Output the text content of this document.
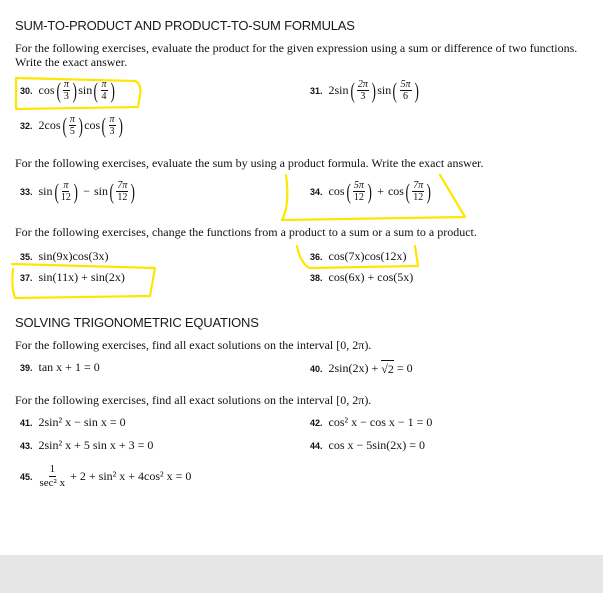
SUM-TO-PRODUCT AND PRODUCT-TO-SUM FORMULAS
For the following exercises, evaluate the product for the given expression using a sum or difference of two functions. Write the exact answer.
30. cos ( π
3 ) sin ( π
4 )	31. 2sin ( 2π
3 ) sin ( 5π
6 )
32. 2cos ( π
5 ) cos ( π
3 )
For the following exercises, evaluate the sum by using a product formula. Write the exact answer.
33. sin ( π
12 ) − sin ( 7π
12 )	34. cos ( 5π
12 ) + cos ( 7π
12 )
For the following exercises, change the functions from a product to a sum or a sum to a product.
35. sin(9x)cos(3x)	36. cos(7x)cos(12x)
37. sin(11x) + sin(2x)	38. cos(6x) + cos(5x)
SOLVING TRIGONOMETRIC EQUATIONS
For the following exercises, find all exact solutions on the interval [0, 2π).
39. tan x + 1 = 0	40. 2sin(2x) + √2 = 0
For the following exercises, find all exact solutions on the interval [0, 2π).
41. 2sin² x − sin x = 0	42. cos² x − cos x − 1 = 0
43. 2sin² x + 5 sin x + 3 = 0	44. cos x − 5sin(2x) = 0
45.
1
sec² x + 2 + sin² x + 4cos² x = 0
